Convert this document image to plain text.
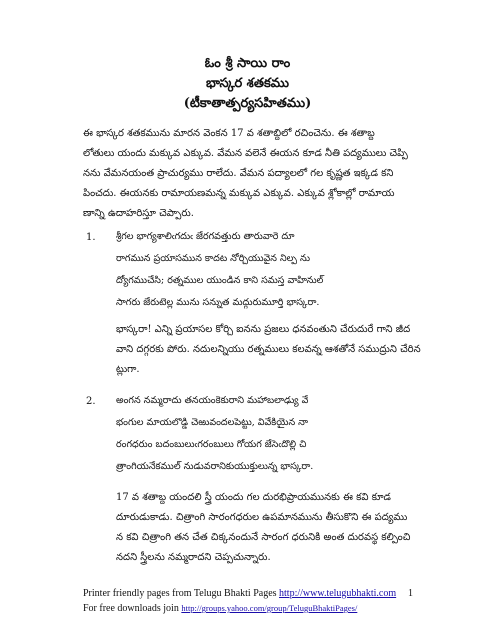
ఓం శ్రీ సాయి రాం
భాస్కర శతకము
(టీకాతాత్పర్యసహితము)
ఈ భాస్కర శతకమును మారన వెంకన 17 వ శతాబ్దిలో రచించెను. ఈ శతాబ్ద
లోతులు యందు మక్కువ ఎక్కువ. వేమన వలెనే ఈయన కూడ నీతి పద్యములు చెప్పి
నను వేమనయంత ప్రాచుర్యము రాలేదు. వేమన పద్యాలలో గల కృష్ణత ఇక్కడ కని
పించదు. ఈయనకు రామాయణమన్న మక్కువ ఎక్కువ. ఎక్కువ శ్లోకాల్లో రామాయ
ణాన్ని ఉదాహరిస్తూ చెప్పారు.
1. శ్రీగల భాగ్యశాలిఁగదుఁ జేరగవత్తురు తారువారె దూ
రాగమున ప్రయాసమున కాదట నోర్చియువైన నిల్ప ను
ద్యోగముచేసి; రత్నముల యుండిన కాని సమస్త వాహినుల్
సాగరు జేరుటెల్ల మును సన్నుత మద్గురుమూర్తి భాస్కరా.
భాస్కరా! ఎన్ని ప్రయాసల కోర్చి ఐనను ప్రజలు ధనవంతుని చేరుదురే గాని జీద
వాని దగ్గరకు పోరు. నదులన్నియు రత్నములు కలవన్న ఆశతోనే సముద్రుని చేరిన
ట్లుగా.
2. అంగన నమ్మరాదు తనయంకెకురాని మహాబలాఢ్యు వే
భంగుల మాయలొడ్డి చెఱువందలపెట్టు, వివేకియైన నా
రంగధరుం బదంబులుఁగరంబులు గోయగ జేసెఁదొల్లి చి
త్రాంగియనేకముల్ నుడువరానికుయుక్తులున్న భాస్కరా.
17 వ శతాబ్ద యందలి స్త్రీ యందు గల దురభిప్రాయమునకు ఈ కవి కూడ
దూరుడుకాడు. చిత్రాంగి సారంగధరుల ఉపమానమును తీసుకొని ఈ పద్యము
న కవి చిత్రాంగి తన చేత చిక్కనందునే సారంగ ధరునికి అంత దురవస్థ కల్పించి
నదని స్త్రీలను నమ్మరాదని చెప్పచున్నారు.
Printer friendly pages from Telugu Bhakti Pages http://www.telugubhakti.com	1
For free downloads join http://groups.yahoo.com/group/TeluguBhaktiPages/
